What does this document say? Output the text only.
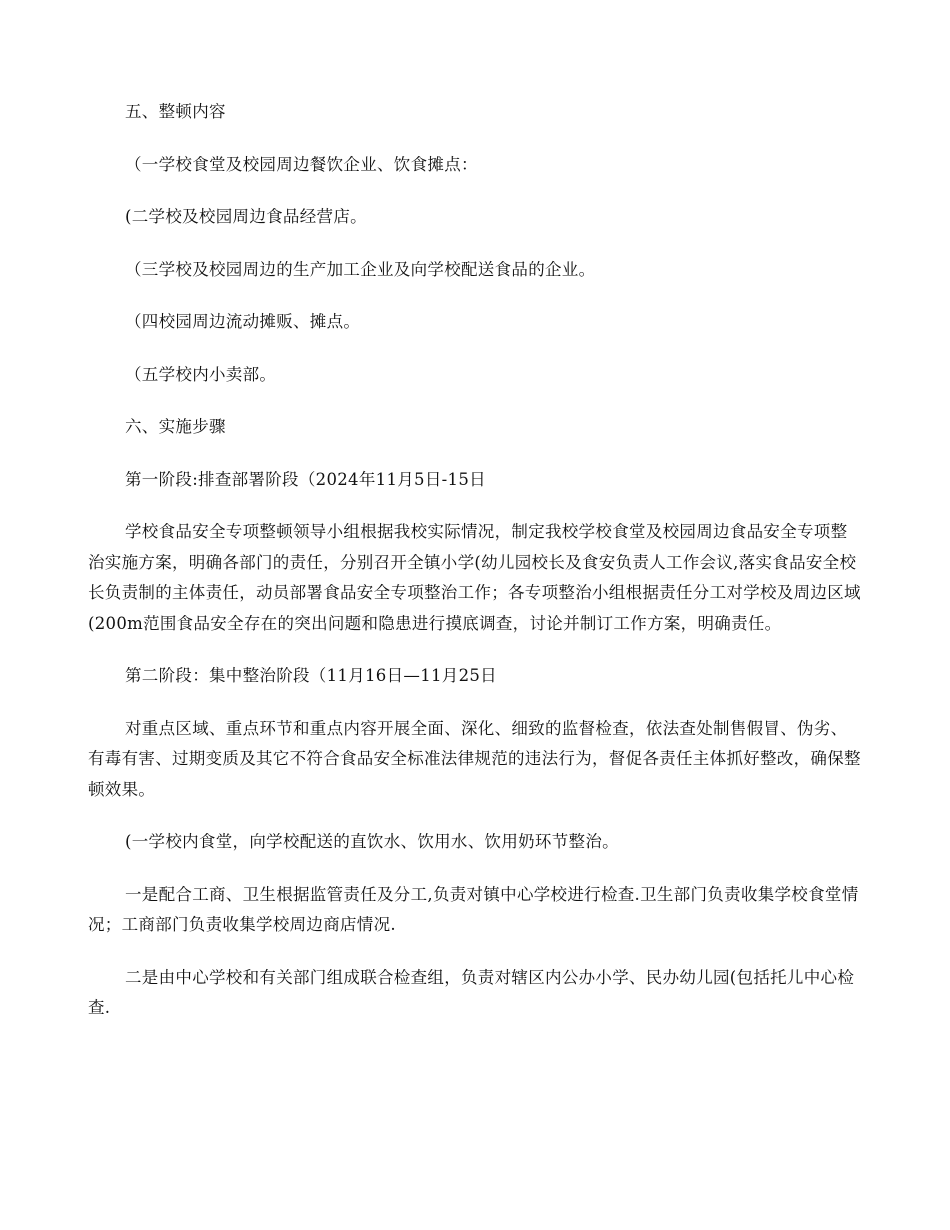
五、整顿内容

（一学校食堂及校园周边餐饮企业、饮食摊点：

(二学校及校园周边食品经营店。

（三学校及校园周边的生产加工企业及向学校配送食品的企业。

（四校园周边流动摊贩、摊点。

（五学校内小卖部。

六、实施步骤

第一阶段:排查部署阶段（2024年11月5日-15日

学校食品安全专项整顿领导小组根据我校实际情况，制定我校学校食堂及校园周边食品安全专项整治实施方案，明确各部门的责任，分别召开全镇小学(幼儿园校长及食安负责人工作会议,落实食品安全校长负责制的主体责任，动员部署食品安全专项整治工作；各专项整治小组根据责任分工对学校及周边区域(200m范围食品安全存在的突出问题和隐患进行摸底调查，讨论并制订工作方案，明确责任。

第二阶段：集中整治阶段（11月16日—11月25日

对重点区域、重点环节和重点内容开展全面、深化、细致的监督检查，依法查处制售假冒、伪劣、有毒有害、过期变质及其它不符合食品安全标准法律规范的违法行为，督促各责任主体抓好整改，确保整顿效果。

(一学校内食堂，向学校配送的直饮水、饮用水、饮用奶环节整治。

一是配合工商、卫生根据监管责任及分工,负责对镇中心学校进行检查.卫生部门负责收集学校食堂情况；工商部门负责收集学校周边商店情况.

二是由中心学校和有关部门组成联合检查组，负责对辖区内公办小学、民办幼儿园(包括托儿中心检查.
